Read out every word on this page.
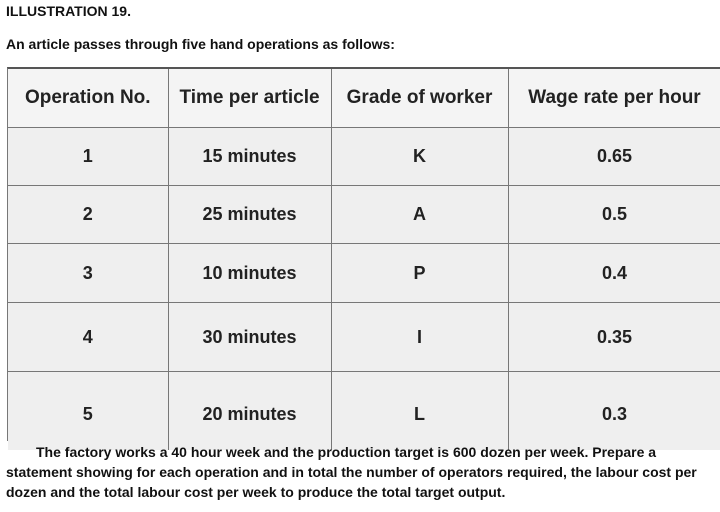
ILLUSTRATION 19.
An article passes through five hand operations as follows:
Operation No.	Time per article	Grade of worker	Wage rate per hour
1	15 minutes	K	0.65
2	25 minutes	A	0.5
3	10 minutes	P	0.4
4	30 minutes	I	0.35
5	20 minutes	L	0.3
The factory works a 40 hour week and the production target is 600 dozen per week. Prepare a statement showing for each operation and in total the number of operators required, the labour cost per dozen and the total labour cost per week to produce the total target output.
